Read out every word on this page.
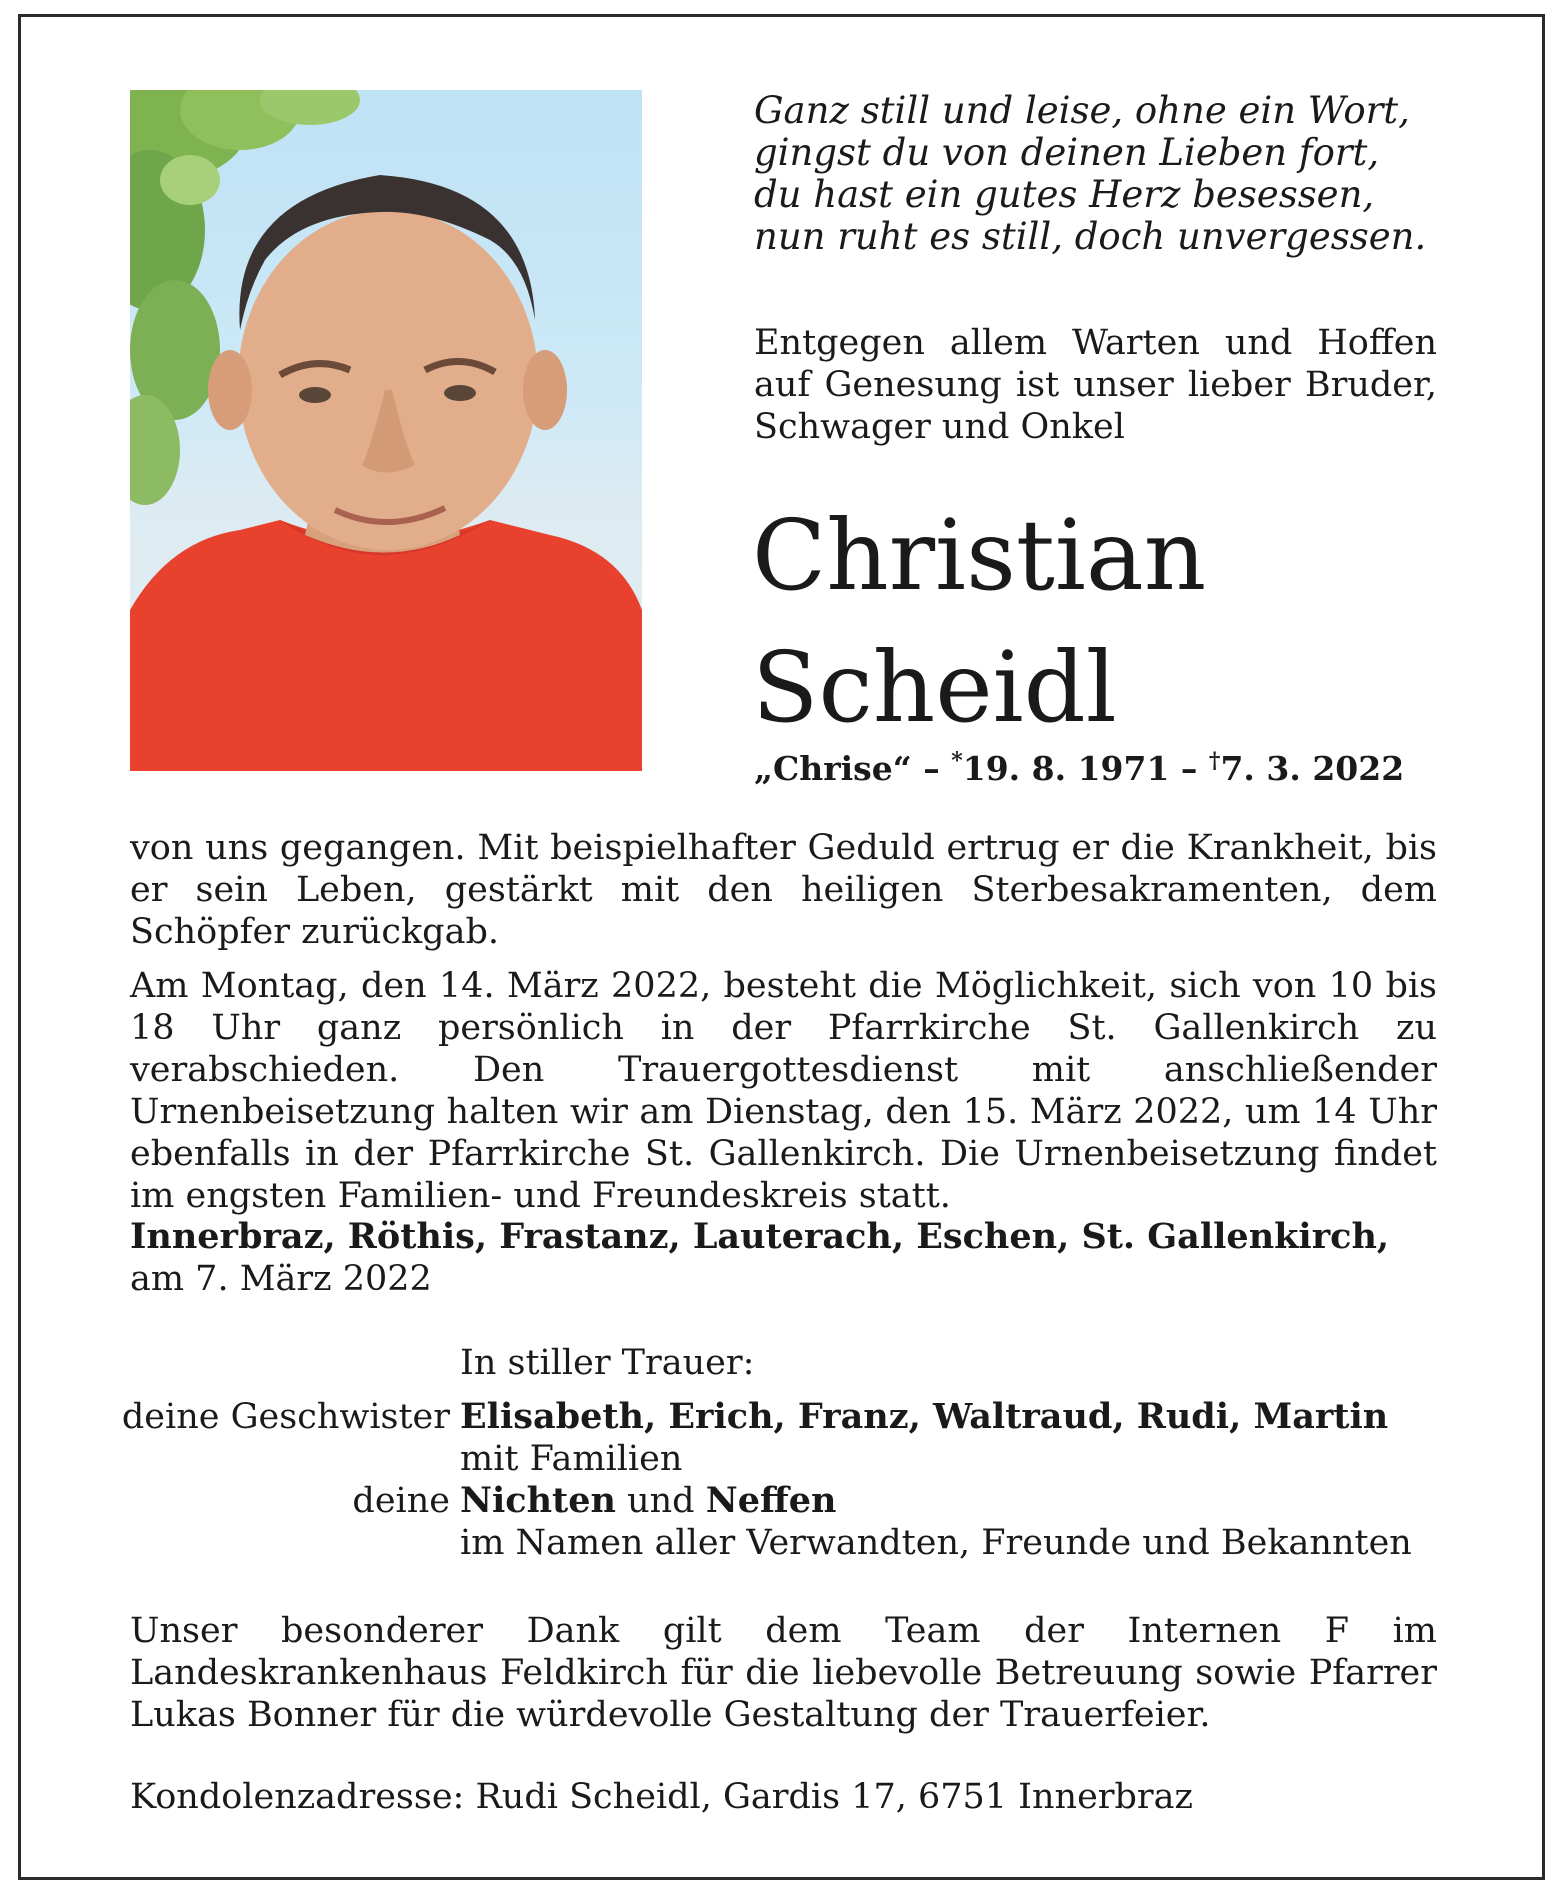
Ganz still und leise, ohne ein Wort,
gingst du von deinen Lieben fort,
du hast ein gutes Herz besessen,
nun ruht es still, doch unvergessen.

Entgegen allem Warten und Hoffen auf Genesung ist unser lieber Bruder, Schwager und Onkel

Christian
Scheidl
„Chrise“ – *19. 8. 1971 – †7. 3. 2022

von uns gegangen. Mit beispielhafter Geduld ertrug er die Krankheit, bis er sein Leben, gestärkt mit den heiligen Sterbesakramenten, dem Schöpfer zurückgab.

Am Montag, den 14. März 2022, besteht die Möglichkeit, sich von 10 bis 18 Uhr ganz persönlich in der Pfarrkirche St. Gallenkirch zu verabschieden. Den Trauergottesdienst mit anschließender Urnenbeisetzung halten wir am Dienstag, den 15. März 2022, um 14 Uhr ebenfalls in der Pfarrkirche St. Gallenkirch. Die Urnenbeisetzung findet im engsten Familien- und Freundeskreis statt.

Innerbraz, Röthis, Frastanz, Lauterach, Eschen, St. Gallenkirch,
am 7. März 2022
In stiller Trauer:
deine Geschwister Elisabeth, Erich, Franz, Waltraud, Rudi, Martin
mit Familien
deine Nichten und Neffen
im Namen aller Verwandten, Freunde und Bekannten

Unser besonderer Dank gilt dem Team der Internen F im Landeskrankenhaus Feldkirch für die liebevolle Betreuung sowie Pfarrer Lukas Bonner für die würdevolle Gestaltung der Trauerfeier.

Kondolenzadresse: Rudi Scheidl, Gardis 17, 6751 Innerbraz
